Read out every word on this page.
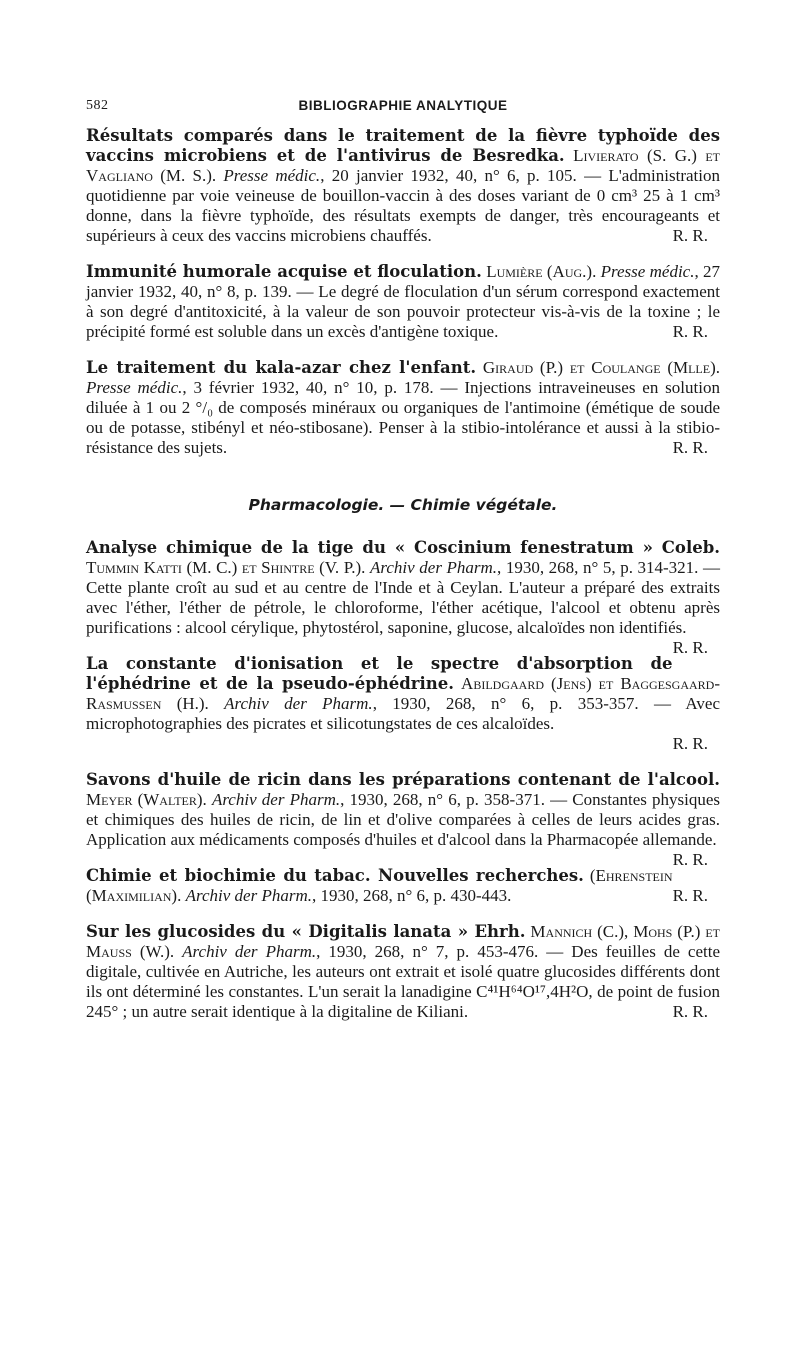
582	BIBLIOGRAPHIE ANALYTIQUE

Résultats comparés dans le traitement de la fièvre typhoïde des vaccins microbiens et de l'antivirus de Besredka. Livierato (S. G.) et Vagliano (M. S.). Presse médic., 20 janvier 1932, 40, n° 6, p. 105. — L'administration quotidienne par voie veineuse de bouillon-vaccin à des doses variant de 0 cm³ 25 à 1 cm³ donne, dans la fièvre typhoïde, des résultats exempts de danger, très encourageants et supérieurs à ceux des vaccins microbiens chauffés.	R. R.

Immunité humorale acquise et floculation. Lumière (Aug.). Presse médic., 27 janvier 1932, 40, n° 8, p. 139. — Le degré de floculation d'un sérum correspond exactement à son degré d'antitoxicité, à la valeur de son pouvoir protecteur vis-à-vis de la toxine ; le précipité formé est soluble dans un excès d'antigène toxique.	R. R.

Le traitement du kala-azar chez l'enfant. Giraud (P.) et Coulange (Mlle). Presse médic., 3 février 1932, 40, n° 10, p. 178. — Injections intraveineuses en solution diluée à 1 ou 2 °/₀ de composés minéraux ou organiques de l'antimoine (émétique de soude ou de potasse, stibényl et néo-stibosane). Penser à la stibio-intolérance et aussi à la stibio-résistance des sujets.	R. R.

Pharmacologie. — Chimie végétale.

Analyse chimique de la tige du « Coscinium fenestratum » Coleb. Tummin Katti (M. C.) et Shintre (V. P.). Archiv der Pharm., 1930, 268, n° 5, p. 314-321. — Cette plante croît au sud et au centre de l'Inde et à Ceylan. L'auteur a préparé des extraits avec l'éther, l'éther de pétrole, le chloroforme, l'éther acétique, l'alcool et obtenu après purifications : alcool cérylique, phytostérol, saponine, glucose, alcaloïdes non identifiés.
R. R.

La constante d'ionisation et le spectre d'absorption de l'éphédrine et de la pseudo-éphédrine. Abildgaard (Jens) et Baggesgaard-Rasmussen (H.). Archiv der Pharm., 1930, 268, n° 6, p. 353-357. — Avec microphotographies des picrates et silicotungstates de ces alcaloïdes.

R. R.

Savons d'huile de ricin dans les préparations contenant de l'alcool. Meyer (Walter). Archiv der Pharm., 1930, 268, n° 6, p. 358-371. — Constantes physiques et chimiques des huiles de ricin, de lin et d'olive comparées à celles de leurs acides gras. Application aux médicaments composés d'huiles et d'alcool dans la Pharmacopée allemande.
R. R.

Chimie et biochimie du tabac. Nouvelles recherches. (Ehrenstein (Maximilian). Archiv der Pharm., 1930, 268, n° 6, p. 430-443.	R. R.

Sur les glucosides du « Digitalis lanata » Ehrh. Mannich (C.), Mohs (P.) et Mauss (W.). Archiv der Pharm., 1930, 268, n° 7, p. 453-476. — Des feuilles de cette digitale, cultivée en Autriche, les auteurs ont extrait et isolé quatre glucosides différents dont ils ont déterminé les constantes. L'un serait la lanadigine C⁴¹H⁶⁴O¹⁷,4H²O, de point de fusion 245° ; un autre serait identique à la digitaline de Kiliani.	R. R.
